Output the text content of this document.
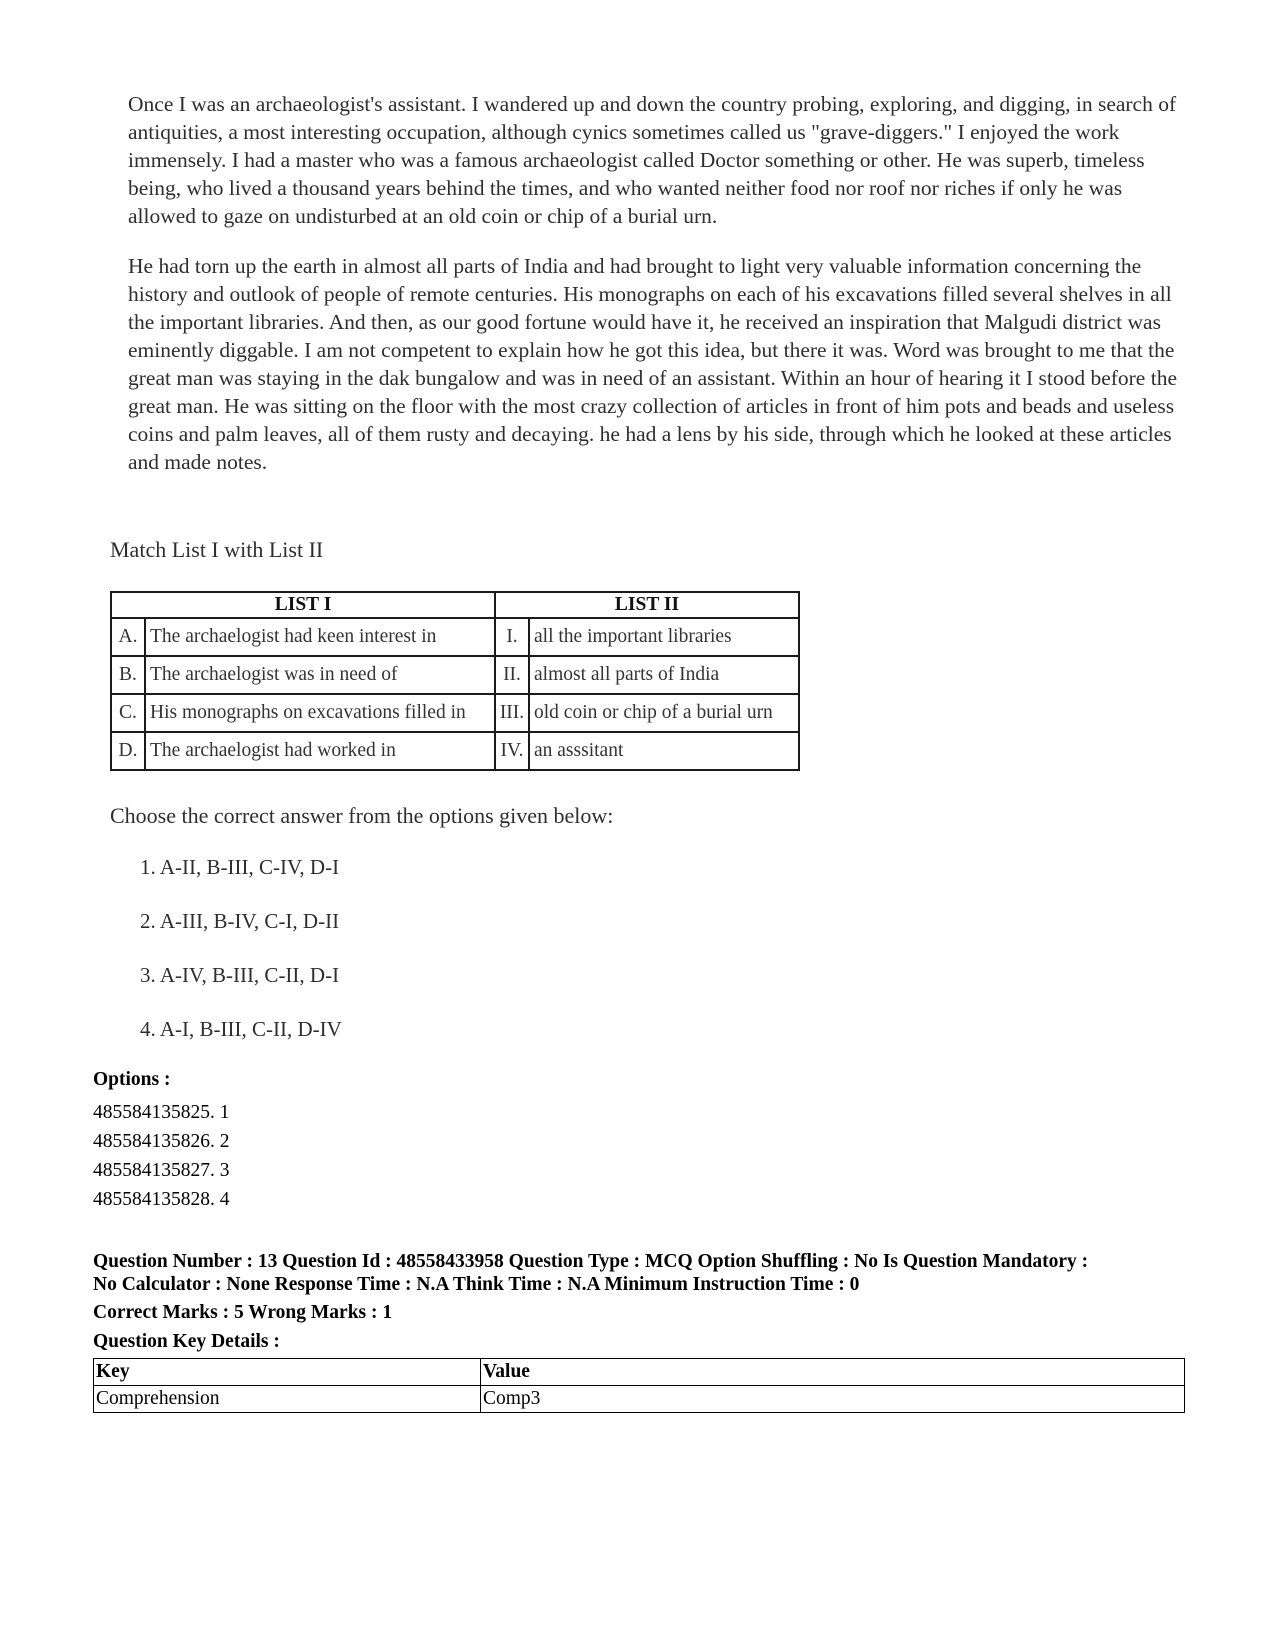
Once I was an archaeologist's assistant. I wandered up and down the country probing, exploring, and digging, in search of antiquities, a most interesting occupation, although cynics sometimes called us "grave-diggers." I enjoyed the work immensely. I had a master who was a famous archaeologist called Doctor something or other. He was superb, timeless being, who lived a thousand years behind the times, and who wanted neither food nor roof nor riches if only he was allowed to gaze on undisturbed at an old coin or chip of a burial urn.

He had torn up the earth in almost all parts of India and had brought to light very valuable information concerning the history and outlook of people of remote centuries. His monographs on each of his excavations filled several shelves in all the important libraries. And then, as our good fortune would have it, he received an inspiration that Malgudi district was eminently diggable. I am not competent to explain how he got this idea, but there it was. Word was brought to me that the great man was staying in the dak bungalow and was in need of an assistant. Within an hour of hearing it I stood before the great man. He was sitting on the floor with the most crazy collection of articles in front of him pots and beads and useless coins and palm leaves, all of them rusty and decaying. he had a lens by his side, through which he looked at these articles and made notes.

Match List I with List II
LIST I		LIST II	
A.	The archaelogist had keen interest in	I.	all the important libraries
B.	The archaelogist was in need of	II.	almost all parts of India
C.	His monographs on excavations filled in	III.	old coin or chip of a burial urn
D.	The archaelogist had worked in	IV.	an asssitant
Choose the correct answer from the options given below:
1. A-II, B-III, C-IV, D-I
2. A-III, B-IV, C-I, D-II
3. A-IV, B-III, C-II, D-I
4. A-I, B-III, C-II, D-IV
Options :
485584135825. 1
485584135826. 2
485584135827. 3
485584135828. 4

Question Number : 13 Question Id : 48558433958 Question Type : MCQ Option Shuffling : No Is Question Mandatory :

No Calculator : None Response Time : N.A Think Time : N.A Minimum Instruction Time : 0

Correct Marks : 5 Wrong Marks : 1
Question Key Details :
Key	Value
Comprehension	Comp3
